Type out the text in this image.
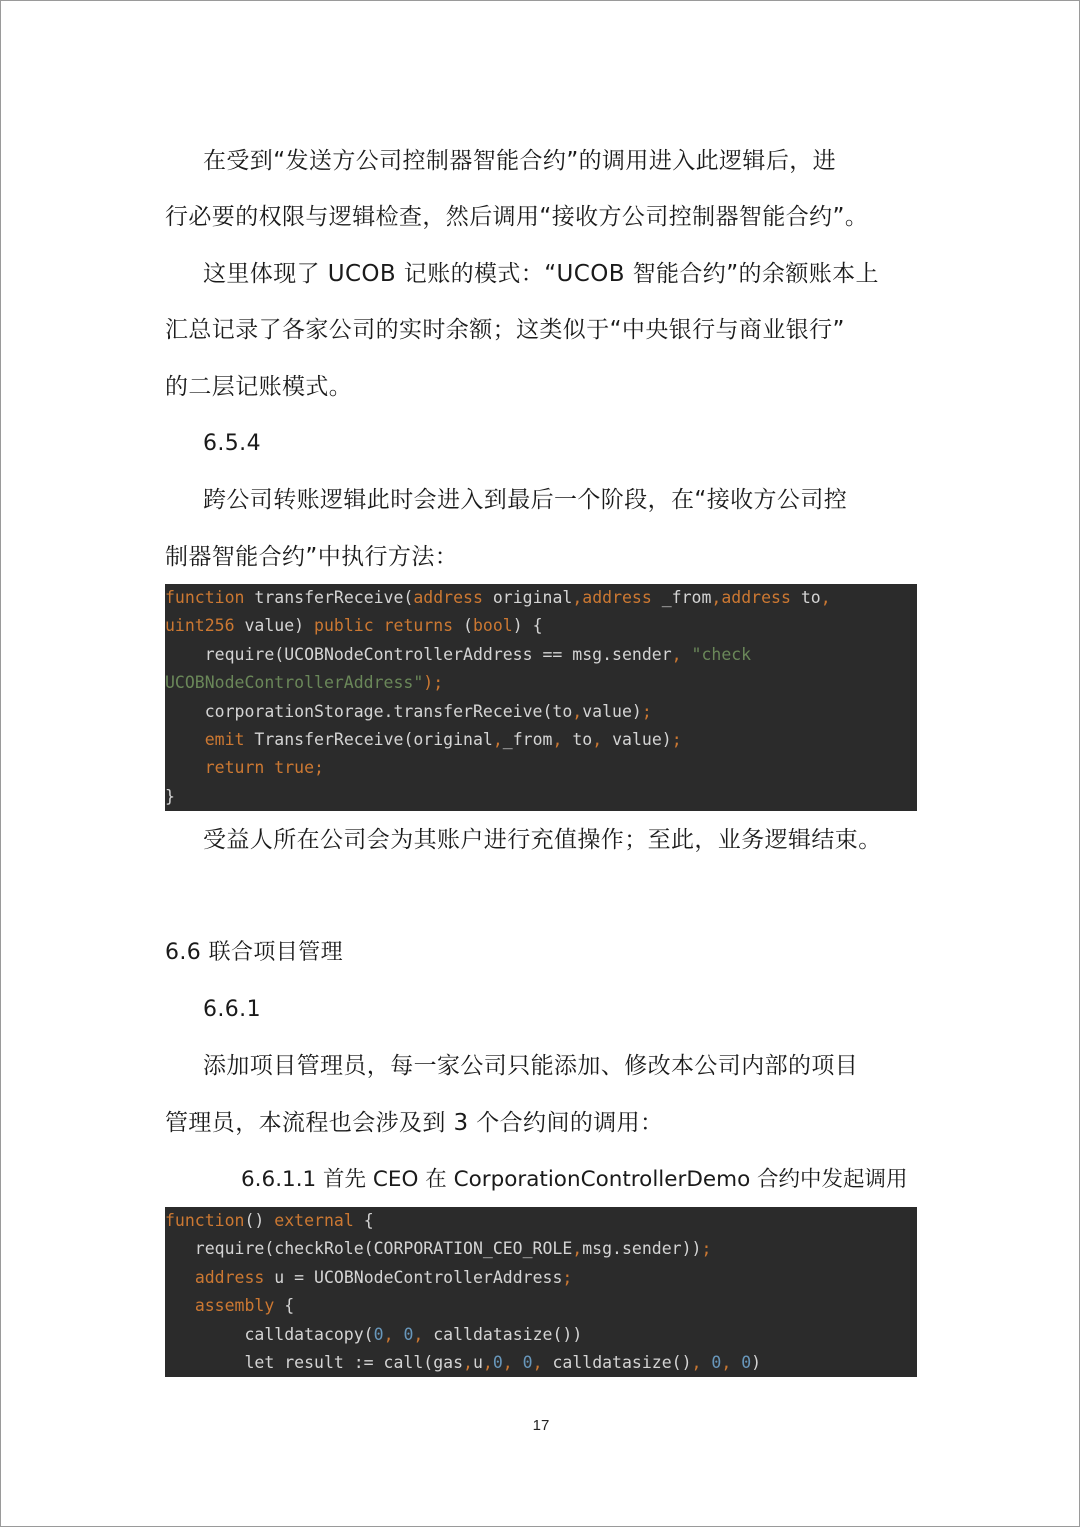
在受到“发送方公司控制器智能合约”的调用进入此逻辑后，进
行必要的权限与逻辑检查，然后调用“接收方公司控制器智能合约”。
这里体现了 UCOB 记账的模式：“UCOB 智能合约”的余额账本上
汇总记录了各家公司的实时余额；这类似于“中央银行与商业银行”
的二层记账模式。
6.5.4
跨公司转账逻辑此时会进入到最后一个阶段，在“接收方公司控
制器智能合约”中执行方法：
function transferReceive(address original,address _from,address to,
uint256 value) public returns (bool) {
require(UCOBNodeControllerAddress == msg.sender, "check
UCOBNodeControllerAddress");
corporationStorage.transferReceive(to,value);
emit TransferReceive(original,_from, to, value);
return true;
}
受益人所在公司会为其账户进行充值操作；至此，业务逻辑结束。
6.6 联合项目管理
6.6.1
添加项目管理员，每一家公司只能添加、修改本公司内部的项目
管理员，本流程也会涉及到 3 个合约间的调用：
6.6.1.1 首先 CEO 在 CorporationControllerDemo 合约中发起调用
function() external {
require(checkRole(CORPORATION_CEO_ROLE,msg.sender));
address u = UCOBNodeControllerAddress;
assembly {
calldatacopy(0, 0, calldatasize())
let result := call(gas,u,0, 0, calldatasize(), 0, 0)
17
